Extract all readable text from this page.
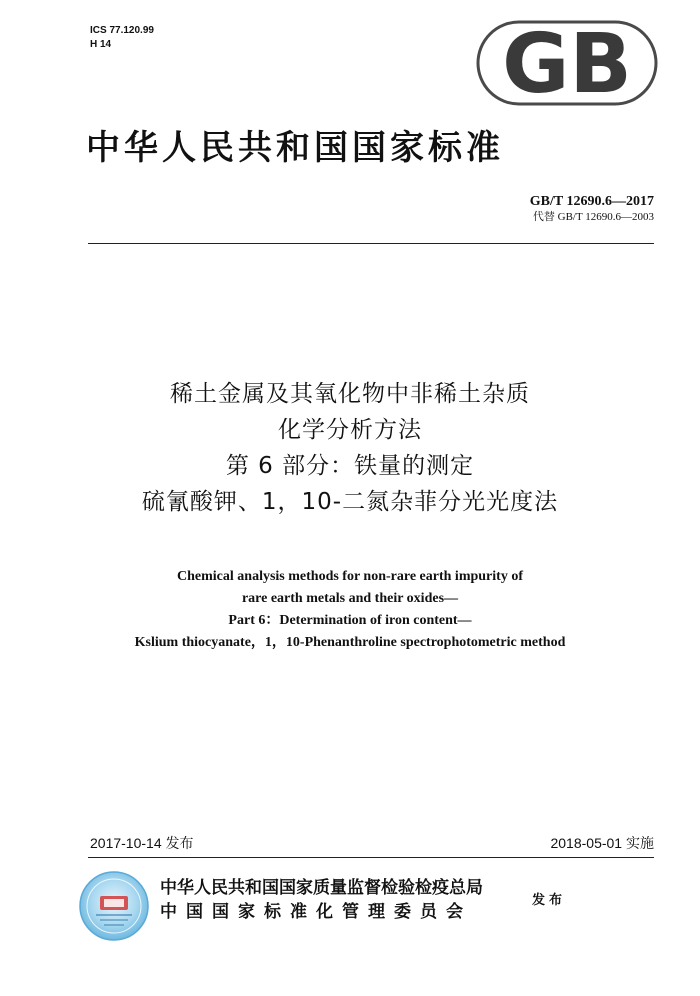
ICS 77.120.99
H 14	GB
中华人民共和国国家标准
GB/T 12690.6—2017
代替 GB/T 12690.6—2003
稀土金属及其氧化物中非稀土杂质
化学分析方法
第 6 部分：铁量的测定
硫氰酸钾、1，10-二氮杂菲分光光度法
Chemical analysis methods for non-rare earth impurity of
rare earth metals and their oxides—
Part 6：Determination of iron content—
Kslium thiocyanate，1，10-Phenanthroline spectrophotometric method
2017-10-14 发布	2018-05-01 实施
中华人民共和国国家质量监督检验检疫总局
中国国家标准化管理委员会
发布
